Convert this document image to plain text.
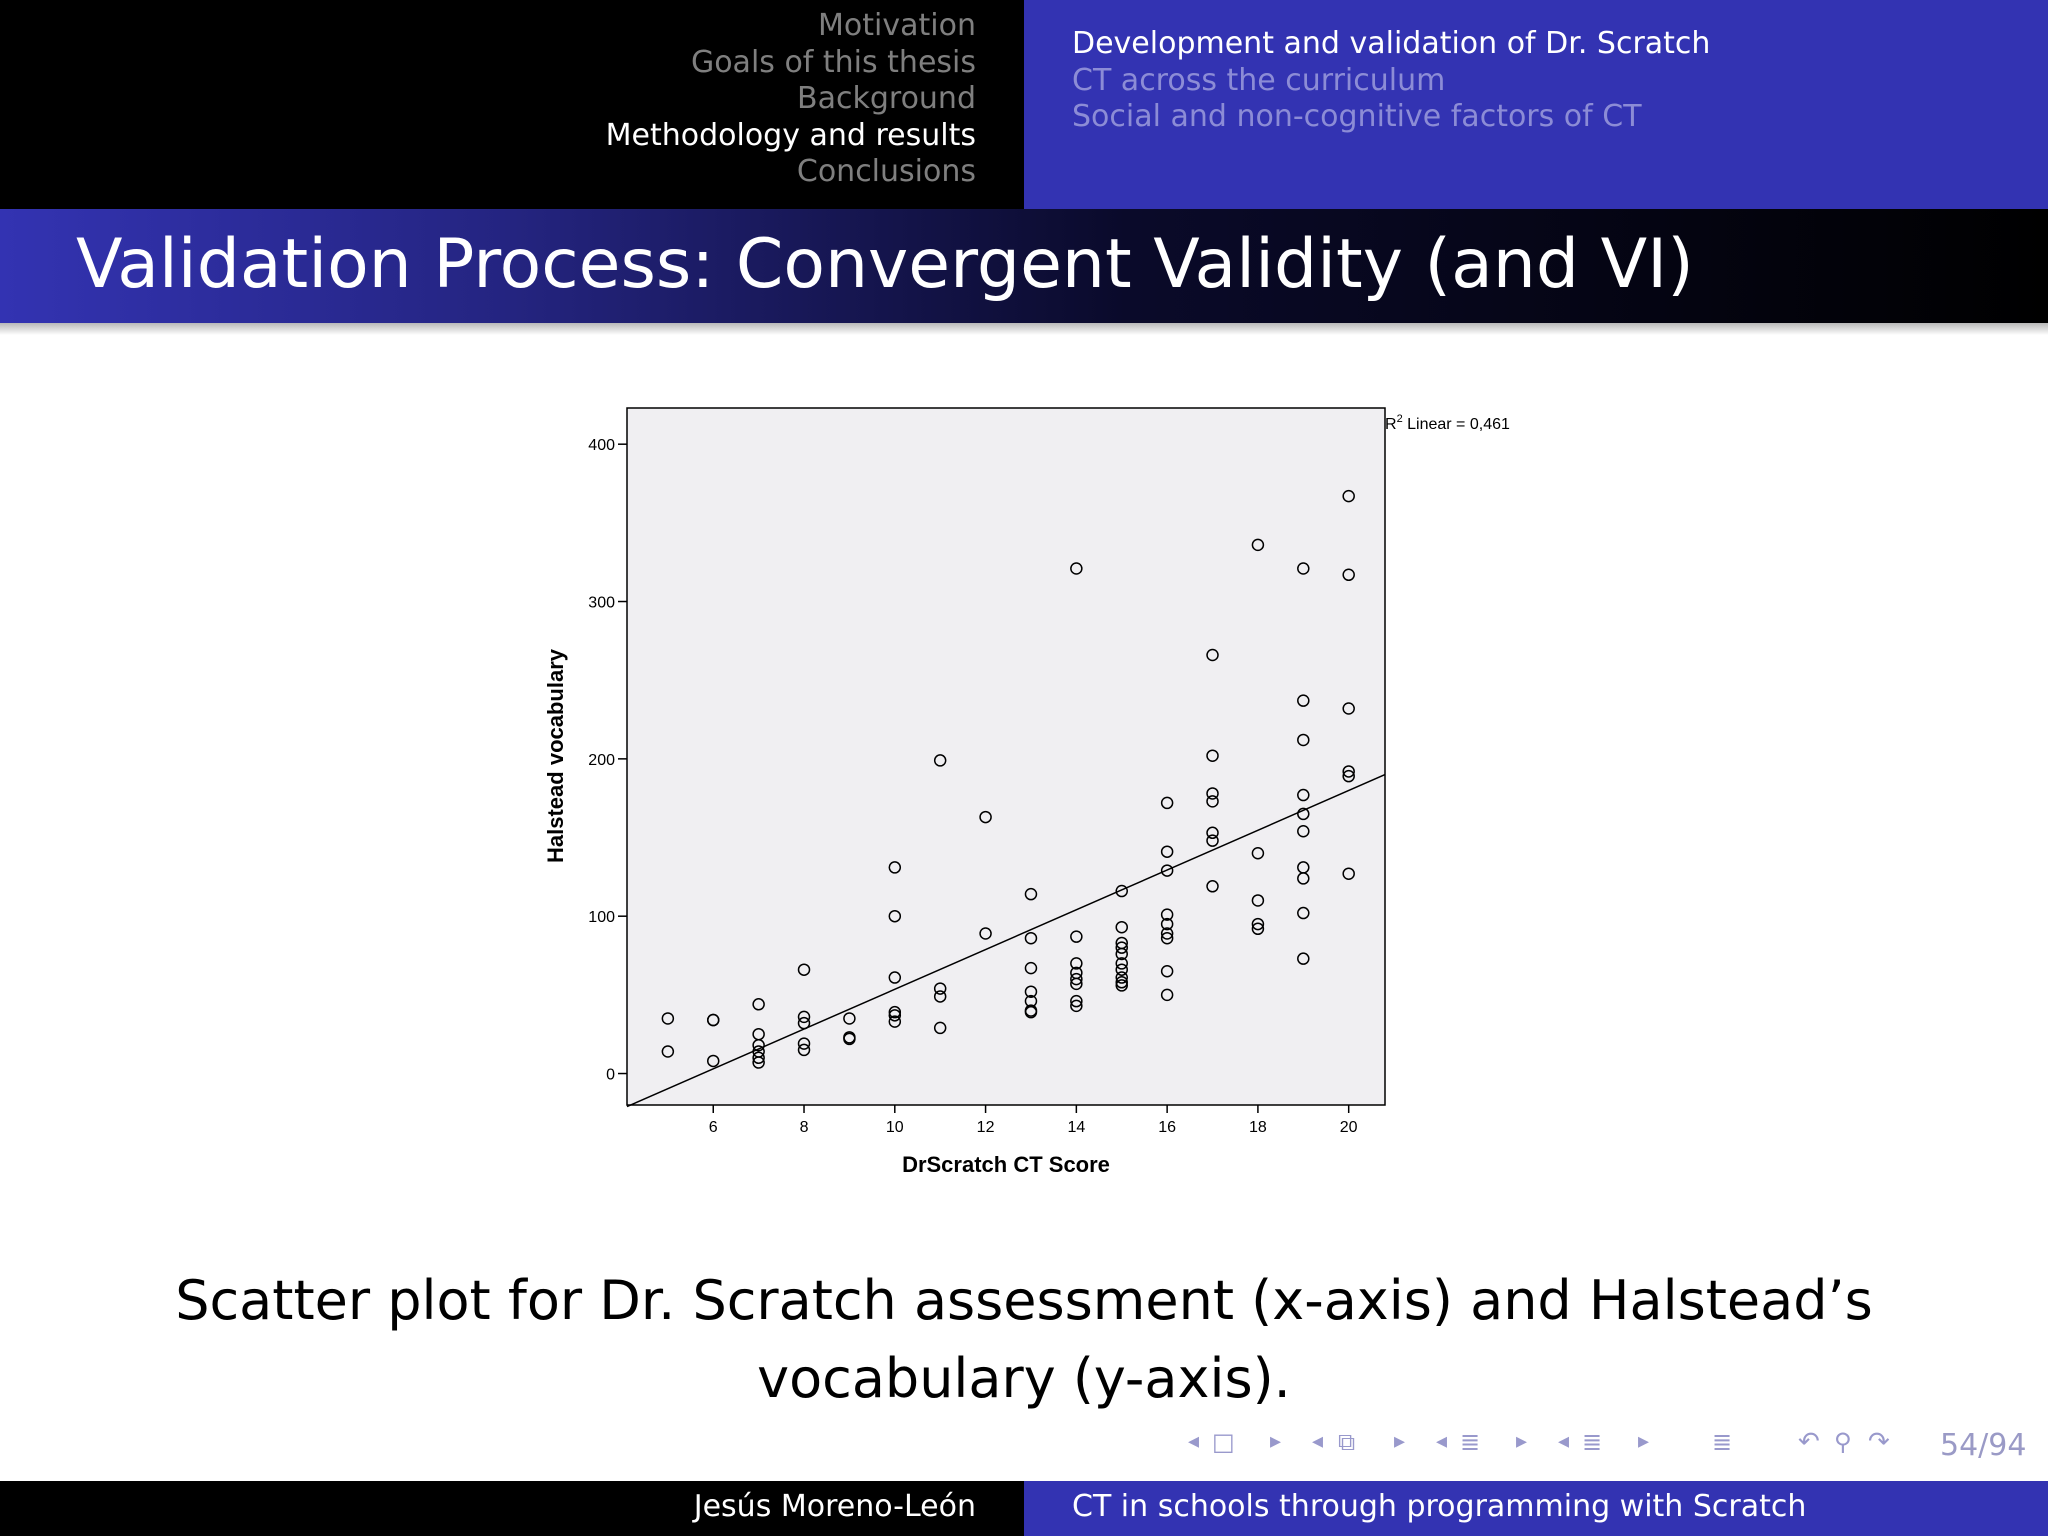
Motivation
Goals of this thesis
Background
Methodology and results
Conclusions
Development and validation of Dr. Scratch
CT across the curriculum
Social and non-cognitive factors of CT
Validation Process: Convergent Validity (and VI)
0
100
200
300
400
6	8	10	12	14	16	18	20
$R^2$ Linear = 0,461
DrScratch CT Score
Halstead vocabulary
Scatter plot for Dr. Scratch assessment (x-axis) and Halstead’s
vocabulary (y-axis).
◂ □ ▸ ◂ ⧉ ▸ ◂ ≣ ▸ ◂ ≣ ▸	≣	↶ ⚲ ↷ 54/94
Jesús Moreno-León	CT in schools through programming with Scratch
